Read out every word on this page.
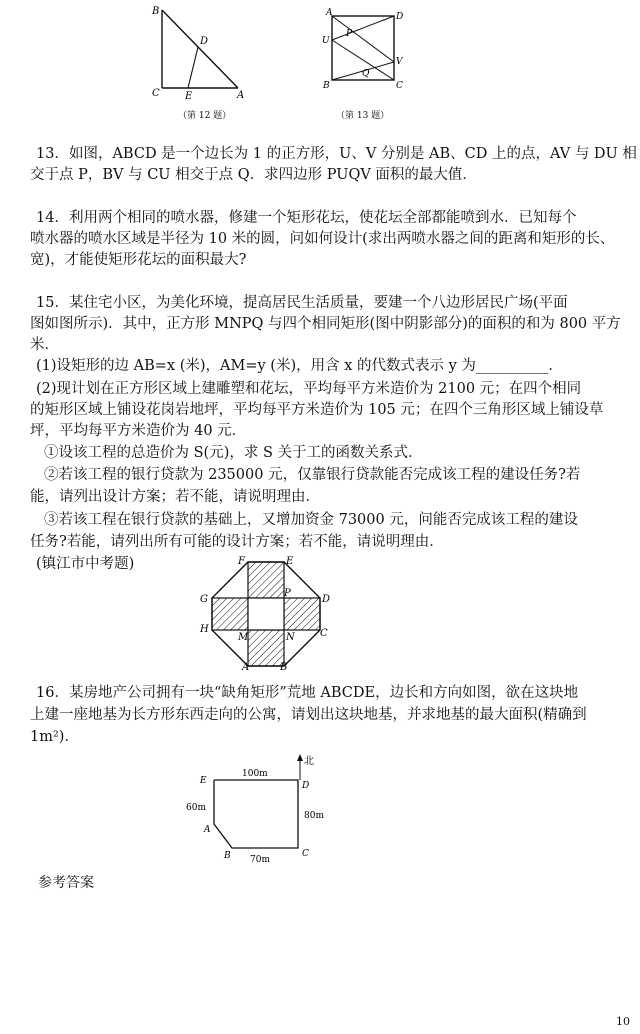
B
D
C	E	A
（第 12 题）
A	D
U
P
V
Q
B	C
（第 13 题）
13．如图，ABCD 是一个边长为 1 的正方形，U、V 分别是 AB、CD 上的点，AV 与 DU 相
交于点 P，BV 与 CU 相交于点 Q．求四边形 PUQV 面积的最大值．
14．利用两个相同的喷水器，修建一个矩形花坛，使花坛全部都能喷到水．已知每个
喷水器的喷水区域是半径为 10 米的圆，问如何设计(求出两喷水器之间的距离和矩形的长、
宽)，才能使矩形花坛的面积最大?
15．某住宅小区，为美化环境，提高居民生活质量，要建一个八边形居民广场(平面
图如图所示)．其中，正方形 MNPQ 与四个相同矩形(图中阴影部分)的面积的和为 800 平方
米．
(1)设矩形的边 AB=x (米)，AM=y (米)，用含 x 的代数式表示 y 为__________．
(2)现计划在正方形区域上建雕塑和花坛，平均每平方米造价为 2100 元；在四个相同
的矩形区域上铺设花岗岩地坪，平均每平方米造价为 105 元；在四个三角形区域上铺设草
坪，平均每平方米造价为 40 元．
①设该工程的总造价为 S(元)，求 S 关于工的函数关系式．
②若该工程的银行贷款为 235000 元，仅靠银行贷款能否完成该工程的建设任务?若
能，请列出设计方案；若不能，请说明理由．
③若该工程在银行贷款的基础上，又增加资金 73000 元，问能否完成该工程的建设
任务?若能，请列出所有可能的设计方案；若不能，请说明理由．
(镇江市中考题)	F	E
G
P
D
H
M	N	C
A	B
16．某房地产公司拥有一块“缺角矩形”荒地 ABCDE，边长和方向如图，欲在这块地
上建一座地基为长方形东西走向的公寓，请划出这块地基，并求地基的最大面积(精确到
1m²)．
北
E	D
A
B	C
100m
60m
80m
70m
参考答案
10
